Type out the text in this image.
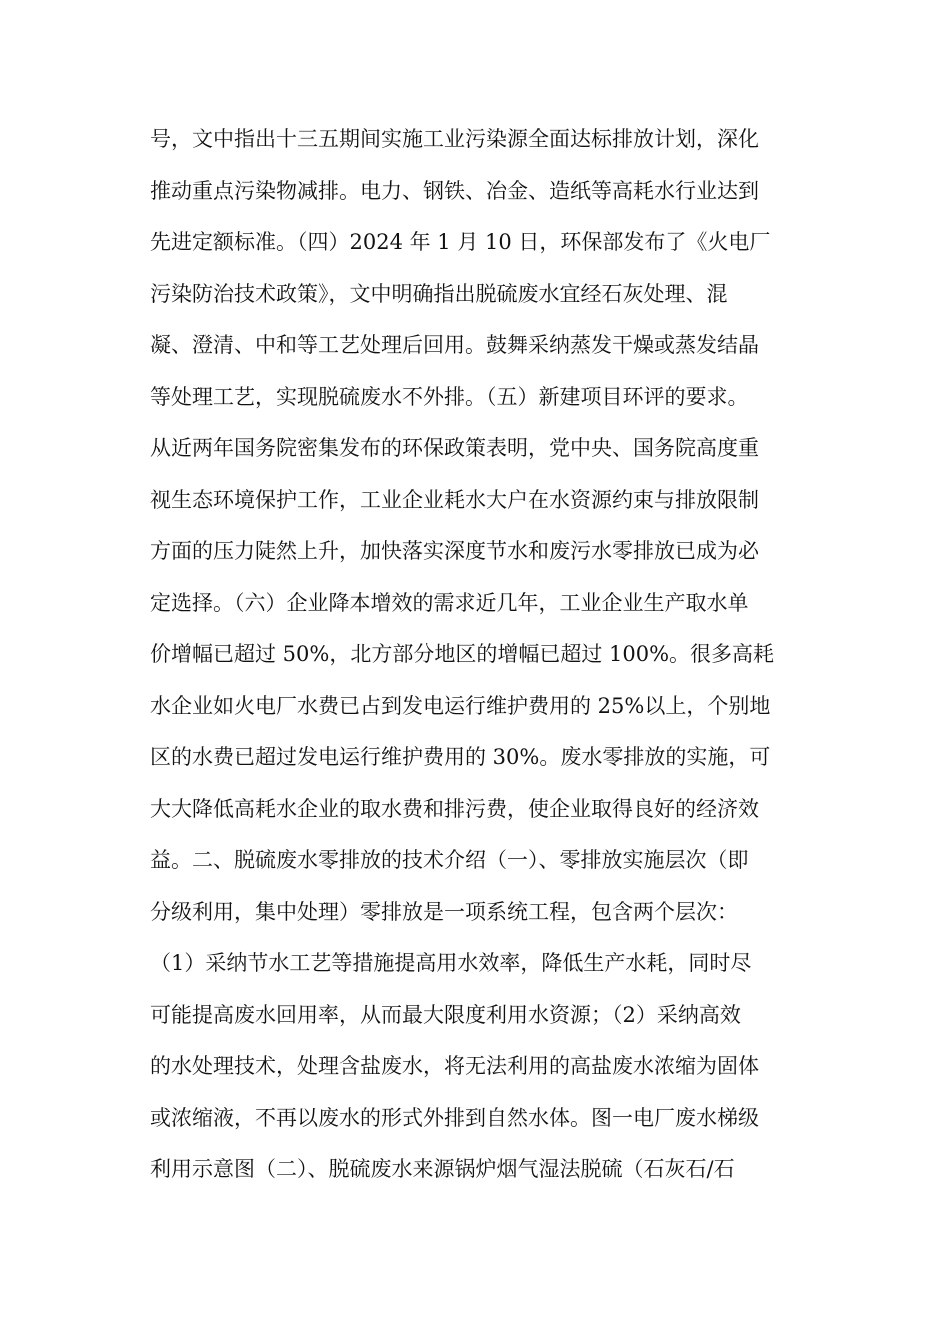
号，文中指出十三五期间实施工业污染源全面达标排放计划，深化
推动重点污染物减排。电力、钢铁、冶金、造纸等高耗水行业达到
先进定额标准。（四）2024 年 1 月 10 日，环保部发布了《火电厂
污染防治技术政策》，文中明确指出脱硫废水宜经石灰处理、混
凝、澄清、中和等工艺处理后回用。鼓舞采纳蒸发干燥或蒸发结晶
等处理工艺，实现脱硫废水不外排。（五）新建项目环评的要求。
从近两年国务院密集发布的环保政策表明，党中央、国务院高度重
视生态环境保护工作，工业企业耗水大户在水资源约束与排放限制
方面的压力陡然上升，加快落实深度节水和废污水零排放已成为必
定选择。（六）企业降本增效的需求近几年，工业企业生产取水单
价增幅已超过 50%，北方部分地区的增幅已超过 100%。很多高耗
水企业如火电厂水费已占到发电运行维护费用的 25%以上，个别地
区的水费已超过发电运行维护费用的 30%。废水零排放的实施，可
大大降低高耗水企业的取水费和排污费，使企业取得良好的经济效
益。二、脱硫废水零排放的技术介绍（一）、零排放实施层次（即
分级利用，集中处理）零排放是一项系统工程，包含两个层次：
（1）采纳节水工艺等措施提高用水效率，降低生产水耗，同时尽
可能提高废水回用率，从而最大限度利用水资源；（2）采纳高效
的水处理技术，处理含盐废水，将无法利用的高盐废水浓缩为固体
或浓缩液，不再以废水的形式外排到自然水体。图一电厂废水梯级
利用示意图（二）、脱硫废水来源锅炉烟气湿法脱硫（石灰石/石
